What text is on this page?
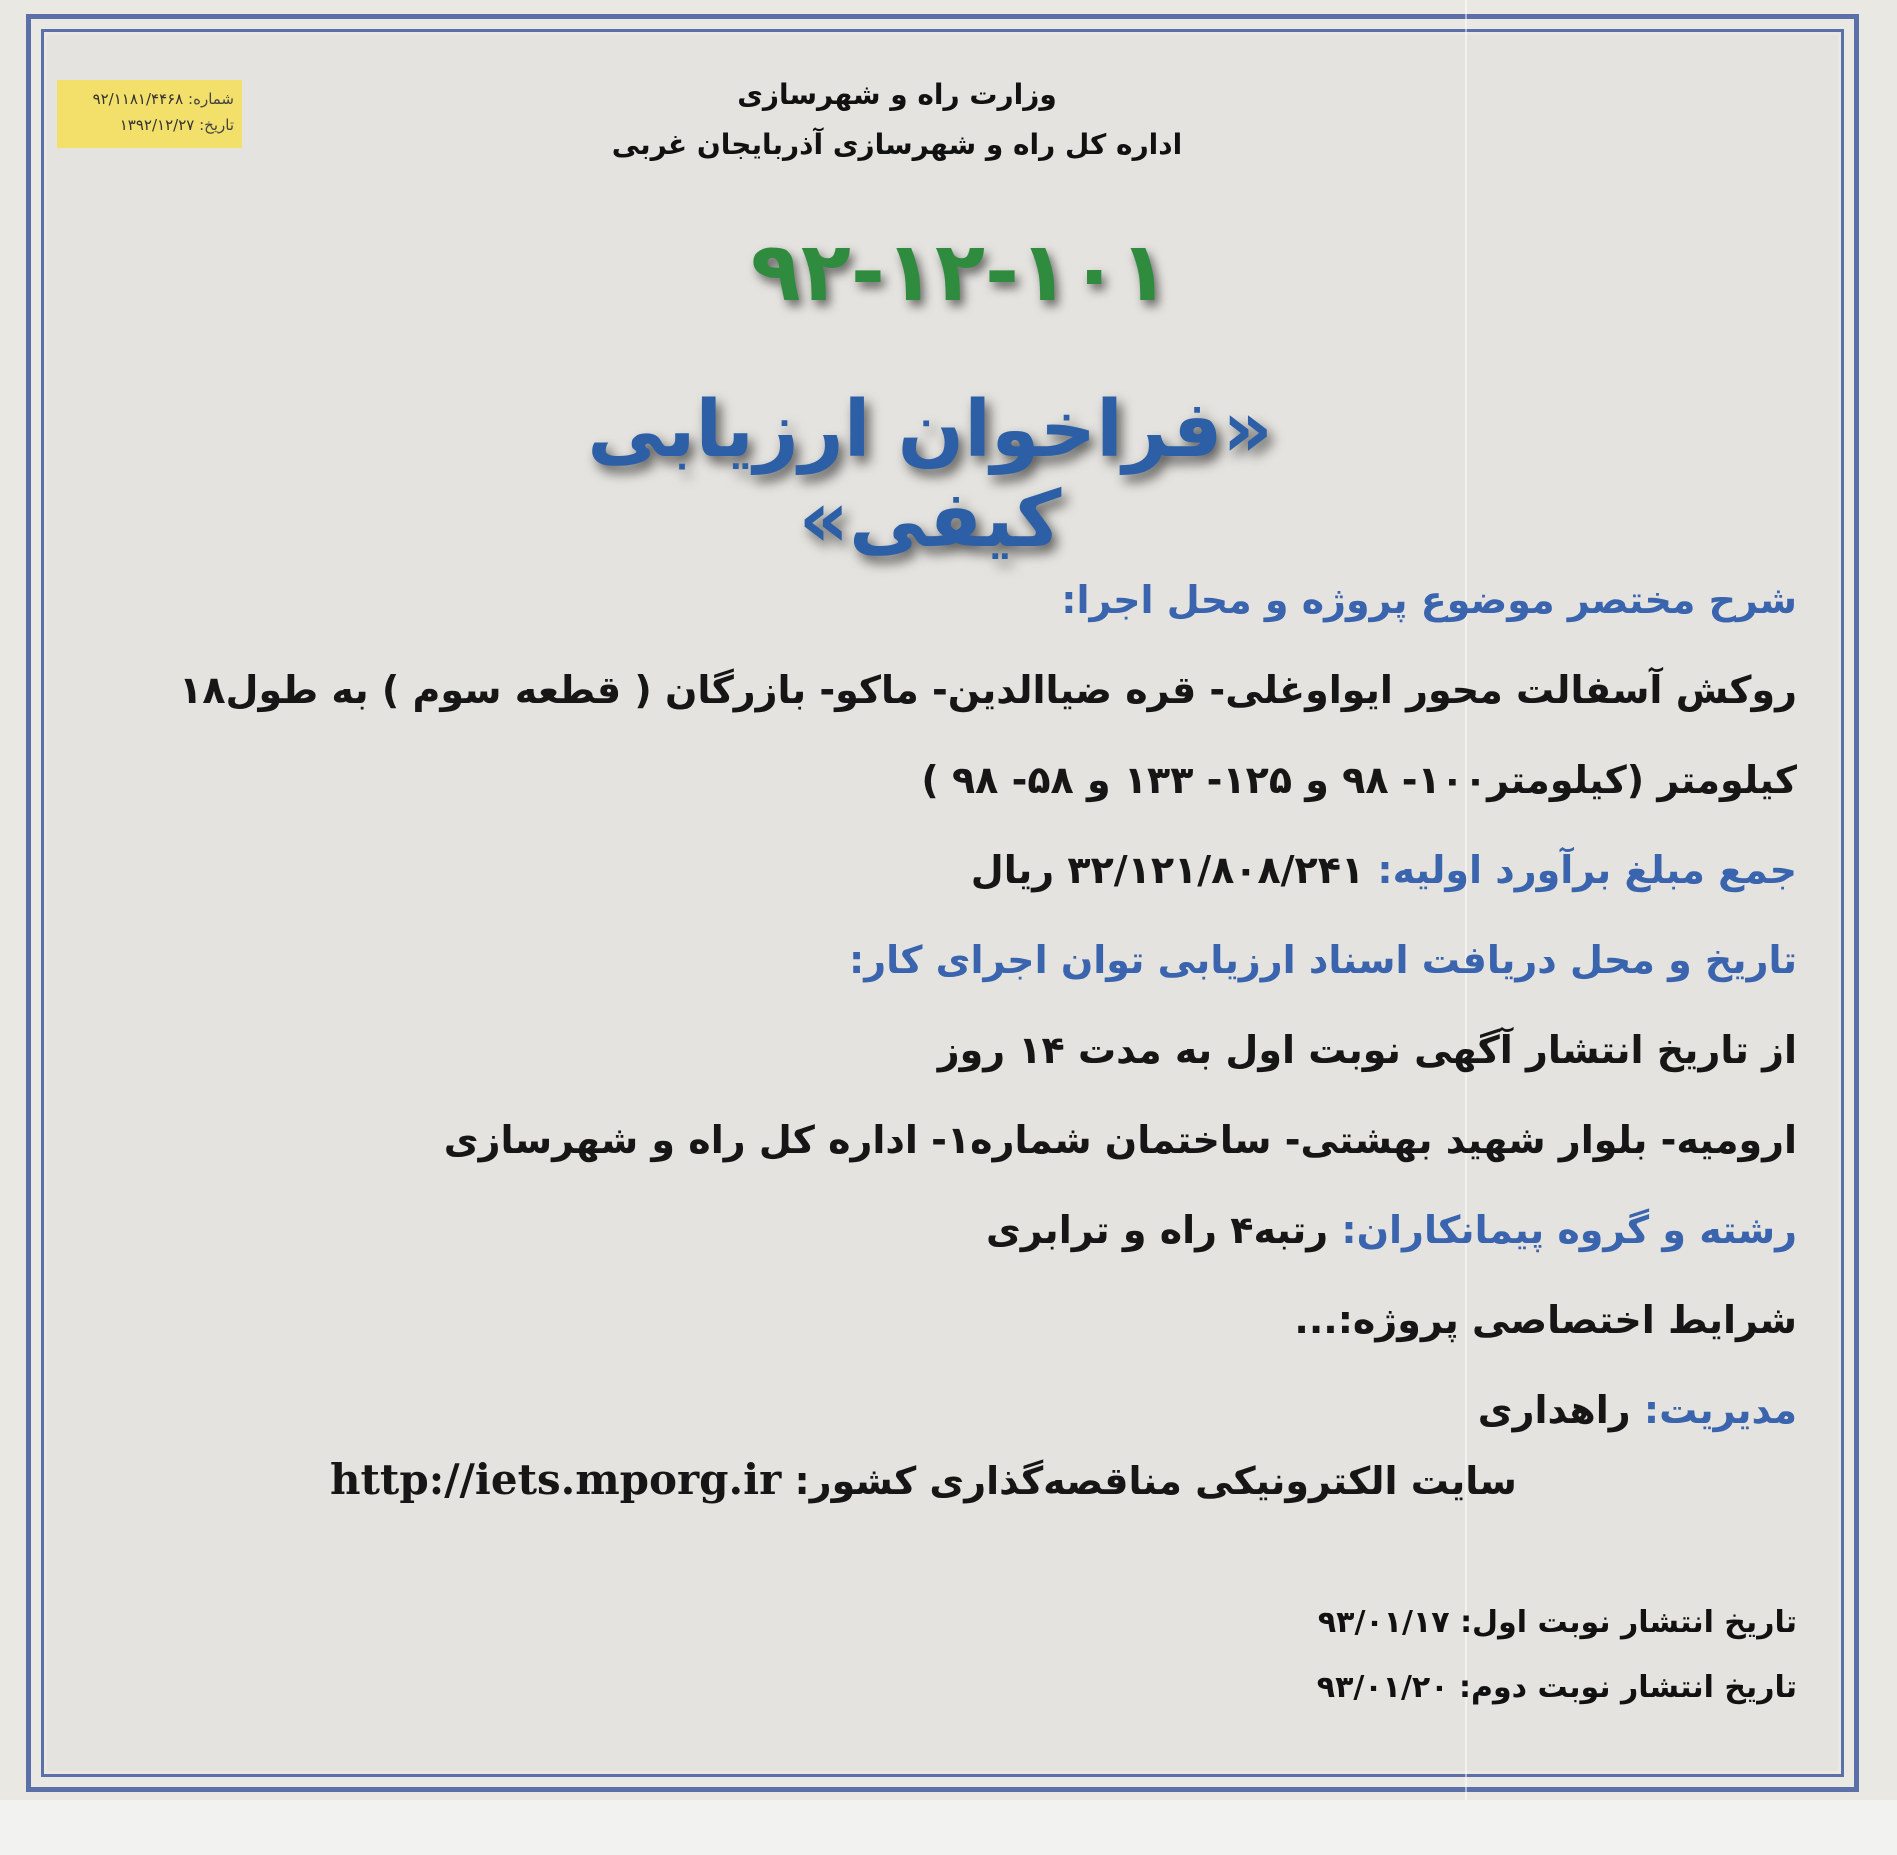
شماره: ۹۲/۱۱۸۱/۴۴۶۸
تاریخ: ۱۳۹۲/۱۲/۲۷
وزارت راه و شهرسازی
اداره کل راه و شهرسازی آذربایجان غربی
۹۲-۱۲-۱۰۱
«فراخوان ارزیابی کیفی»
شرح مختصر موضوع پروژه و محل اجرا:
روکش آسفالت محور ایواوغلی- قره ضیاالدین- ماکو- بازرگان ( قطعه سوم ) به طول۱۸
کیلومتر (کیلومتر۱۰۰- ۹۸ و ۱۲۵- ۱۳۳ و ۵۸- ۹۸ )
جمع مبلغ برآورد اولیه: ۳۲/۱۲۱/۸۰۸/۲۴۱ ریال
تاریخ و محل دریافت اسناد ارزیابی توان اجرای کار:
از تاریخ انتشار آگهی نوبت اول به مدت ۱۴ روز
ارومیه- بلوار شهید بهشتی- ساختمان شماره۱- اداره کل راه و شهرسازی
رشته و گروه پیمانکاران: رتبه۴ راه و ترابری
شرایط اختصاصی پروژه:...
مدیریت: راهداری
سایت الکترونیکی مناقصه‌گذاری کشور: http://iets.mporg.ir
تاریخ انتشار نوبت اول: ۹۳/۰۱/۱۷
تاریخ انتشار نوبت دوم: ۹۳/۰۱/۲۰
